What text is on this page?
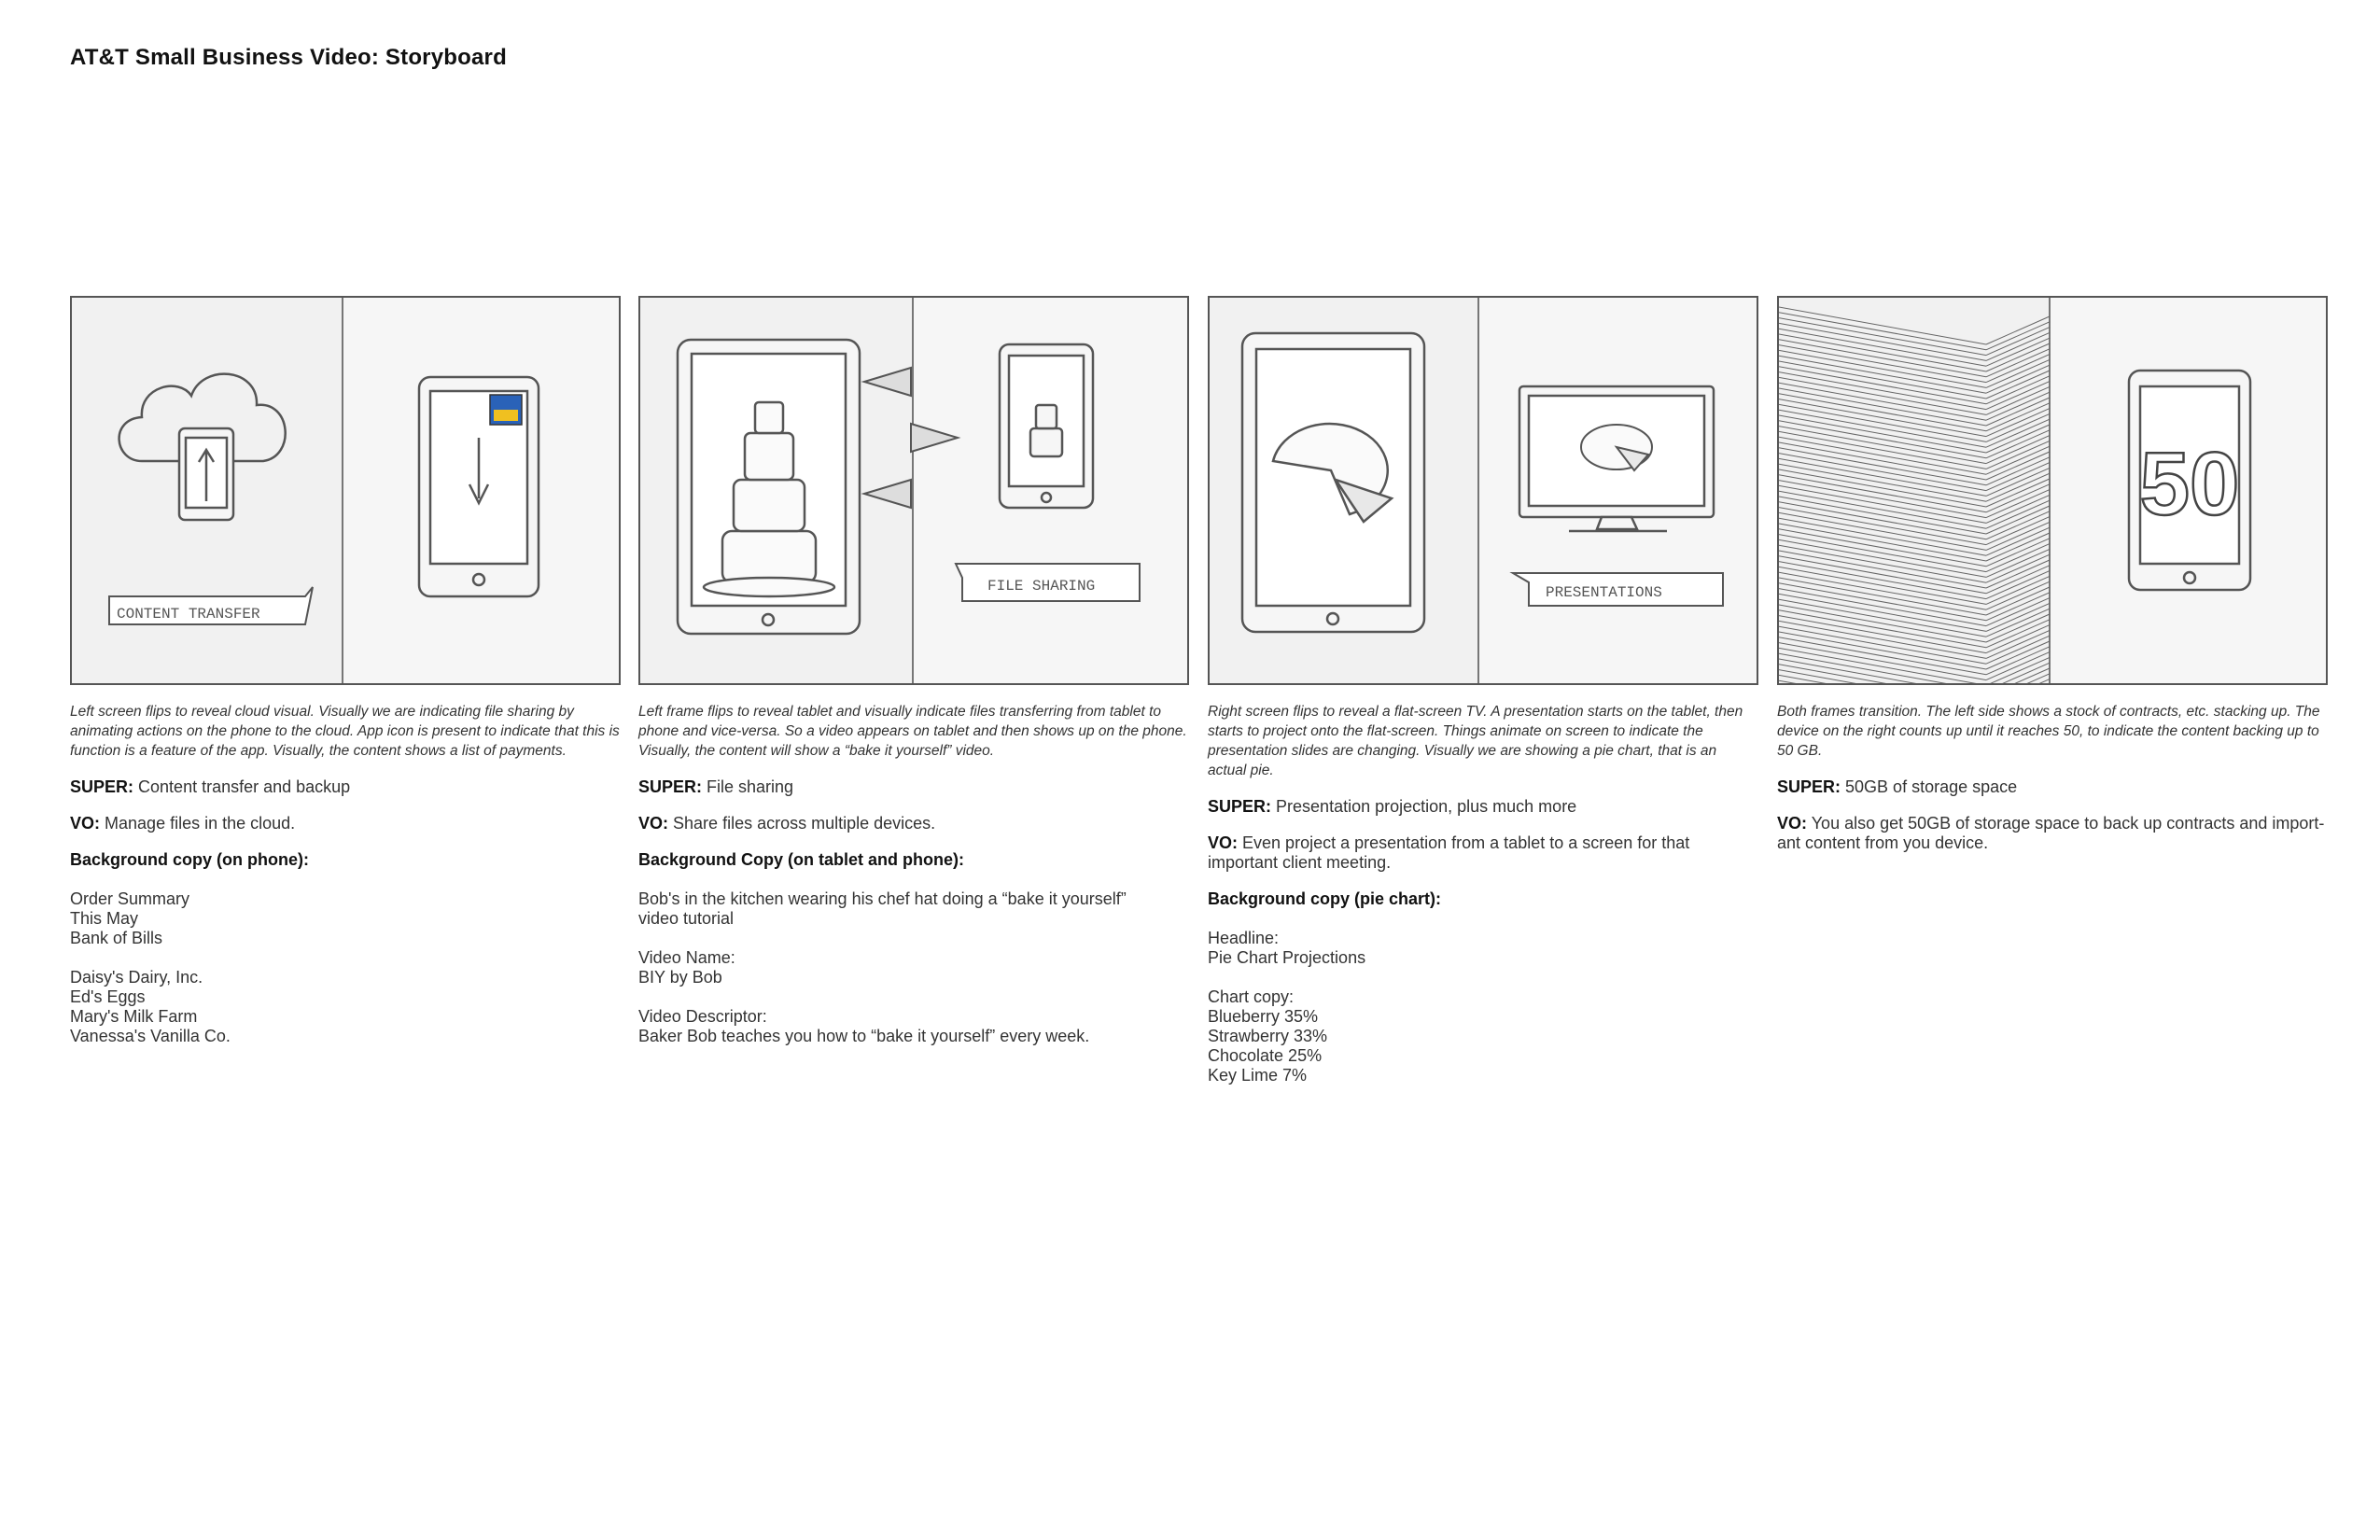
AT&T Small Business Video: Storyboard
CONTENT TRANSFER
Left screen flips to reveal cloud visual. Visually we are indicating file sharing by animating actions on the phone to the cloud. App icon is present to indicate that this is function is a feature of the app. Visually, the content shows a list of payments.
SUPER: Content transfer and backup
VO: Manage files in the cloud.
Background copy (on phone):
Order Summary
This May
Bank of Bills
Daisy's Dairy, Inc.
Ed's Eggs
Mary's Milk Farm
Vanessa's Vanilla Co.
FILE SHARING
Left frame flips to reveal tablet and visually indicate files transferring from tablet to phone and vice-versa. So a video appears on tablet and then shows up on the phone. Visually, the content will show a “bake it yourself” video.
SUPER: File sharing
VO: Share files across multiple devices.
Background Copy (on tablet and phone):
Bob's in the kitchen wearing his chef hat doing a “bake it yourself”
video tutorial
Video Name:
BIY by Bob
Video Descriptor:
Baker Bob teaches you how to “bake it yourself” every week.
PRESENTATIONS
Right screen flips to reveal a flat-screen TV. A presentation starts on the tablet, then starts to project onto the flat-screen. Things animate on screen to indicate the presentation slides are changing. Visually we are showing a pie chart, that is an actual pie.
SUPER: Presentation projection, plus much more
VO: Even project a presentation from a tablet to a screen for that important client meeting.
Background copy (pie chart):
Headline:
Pie Chart Projections
Chart copy:
Blueberry 35%
Strawberry 33%
Chocolate 25%
Key Lime 7%
50
Both frames transition. The left side shows a stock of contracts, etc. stacking up. The device on the right counts up until it reaches 50, to indicate the content backing up to 50 GB.
SUPER: 50GB of storage space
VO: You also get 50GB of storage space to back up contracts and import-ant content from you device.
